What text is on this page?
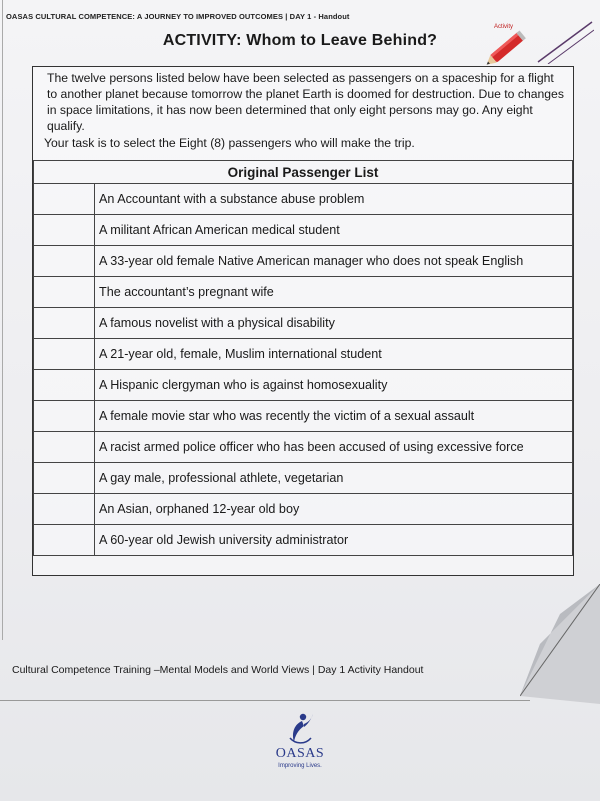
OASAS CULTURAL COMPETENCE: A JOURNEY TO IMPROVED OUTCOMES | DAY 1 - Handout
ACTIVITY: Whom to Leave Behind?
Activity
The twelve persons listed below have been selected as passengers on a spaceship for a flight to another planet because tomorrow the planet Earth is doomed for destruction. Due to changes in space limitations, it has now been determined that only eight persons may go. Any eight qualify.
Your task is to select the Eight (8) passengers who will make the trip.
Original Passenger List	
	An Accountant with a substance abuse problem
	A militant African American medical student
	A 33-year old female Native American manager who does not speak English
	The accountant’s pregnant wife
	A famous novelist with a physical disability
	A 21-year old, female, Muslim international student
	A Hispanic clergyman who is against homosexuality
	A female movie star who was recently the victim of a sexual assault
	A racist armed police officer who has been accused of using excessive force
	A gay male, professional athlete, vegetarian
	An Asian, orphaned 12-year old boy
	A 60-year old Jewish university administrator
Cultural Competence Training –Mental Models and World Views | Day 1 Activity Handout
OASAS
Improving Lives.
